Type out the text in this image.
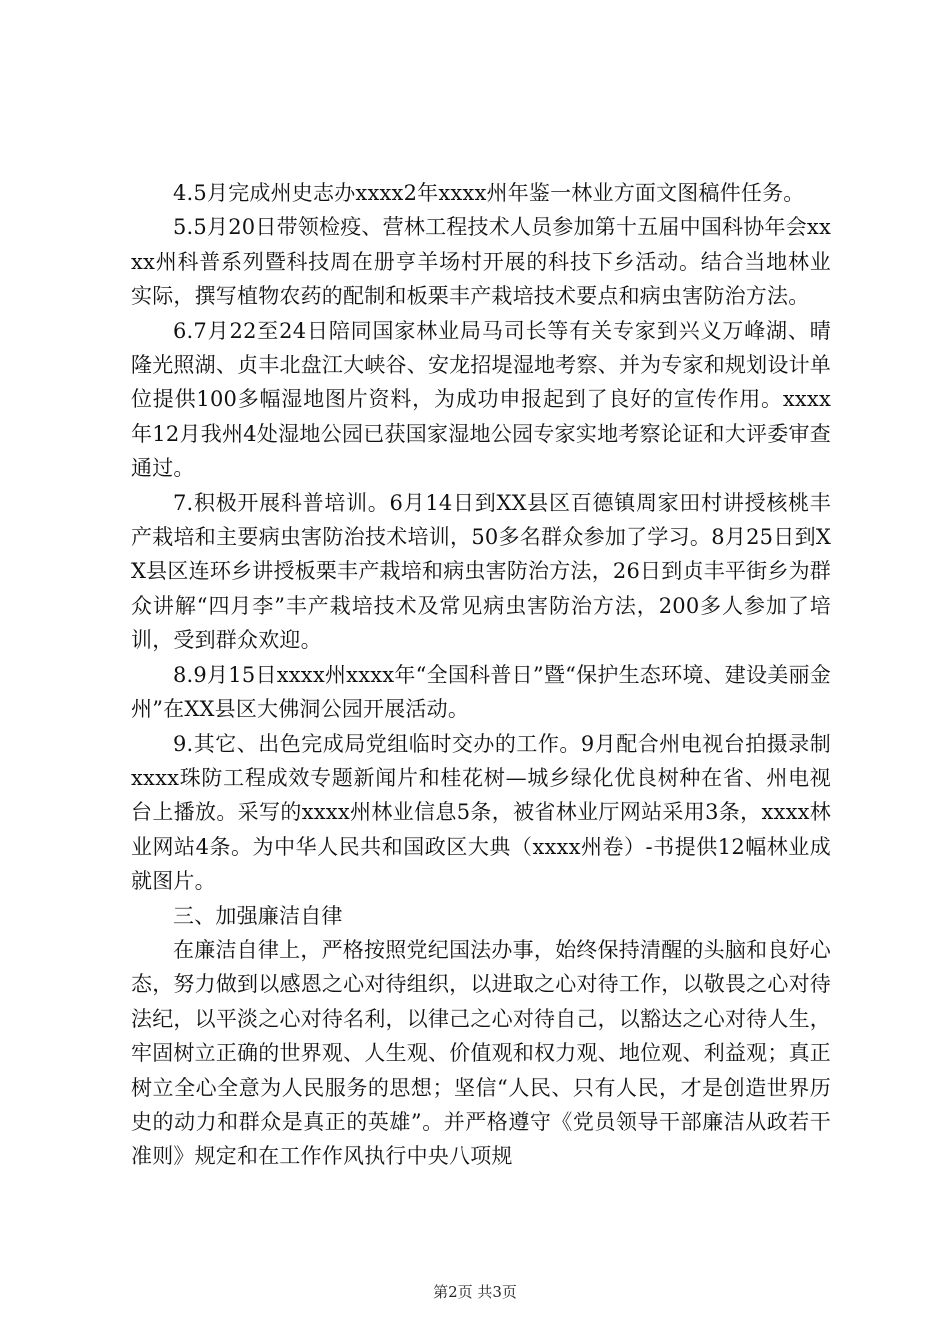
4.5月完成州史志办xxxx2年xxxx州年鉴一林业方面文图稿件任务。

5.5月20日带领检疫、营林工程技术人员参加第十五届中国科协年会xxxx州科普系列暨科技周在册亨羊场村开展的科技下乡活动。结合当地林业实际，撰写植物农药的配制和板栗丰产栽培技术要点和病虫害防治方法。

6.7月22至24日陪同国家林业局马司长等有关专家到兴义万峰湖、晴隆光照湖、贞丰北盘江大峡谷、安龙招堤湿地考察、并为专家和规划设计单位提供100多幅湿地图片资料，为成功申报起到了良好的宣传作用。xxxx年12月我州4处湿地公园已获国家湿地公园专家实地考察论证和大评委审查通过。

7.积极开展科普培训。6月14日到XX县区百德镇周家田村讲授核桃丰产栽培和主要病虫害防治技术培训，50多名群众参加了学习。8月25日到XX县区连环乡讲授板栗丰产栽培和病虫害防治方法，26日到贞丰平街乡为群众讲解“四月李”丰产栽培技术及常见病虫害防治方法，200多人参加了培训，受到群众欢迎。

8.9月15日xxxx州xxxx年“全国科普日”暨“保护生态环境、建设美丽金州”在XX县区大佛洞公园开展活动。

9.其它、出色完成局党组临时交办的工作。9月配合州电视台拍摄录制xxxx珠防工程成效专题新闻片和桂花树—城乡绿化优良树种在省、州电视台上播放。采写的xxxx州林业信息5条，被省林业厅网站采用3条，xxxx林业网站4条。为中华人民共和国政区大典（xxxx州卷）-书提供12幅林业成就图片。

三、加强廉洁自律

在廉洁自律上，严格按照党纪国法办事，始终保持清醒的头脑和良好心态，努力做到以感恩之心对待组织，以进取之心对待工作，以敬畏之心对待法纪，以平淡之心对待名利，以律己之心对待自己，以豁达之心对待人生，牢固树立正确的世界观、人生观、价值观和权力观、地位观、利益观；真正树立全心全意为人民服务的思想；坚信“人民、只有人民，才是创造世界历史的动力和群众是真正的英雄”。并严格遵守《党员领导干部廉洁从政若干准则》规定和在工作作风执行中央八项规

第2页 共3页
